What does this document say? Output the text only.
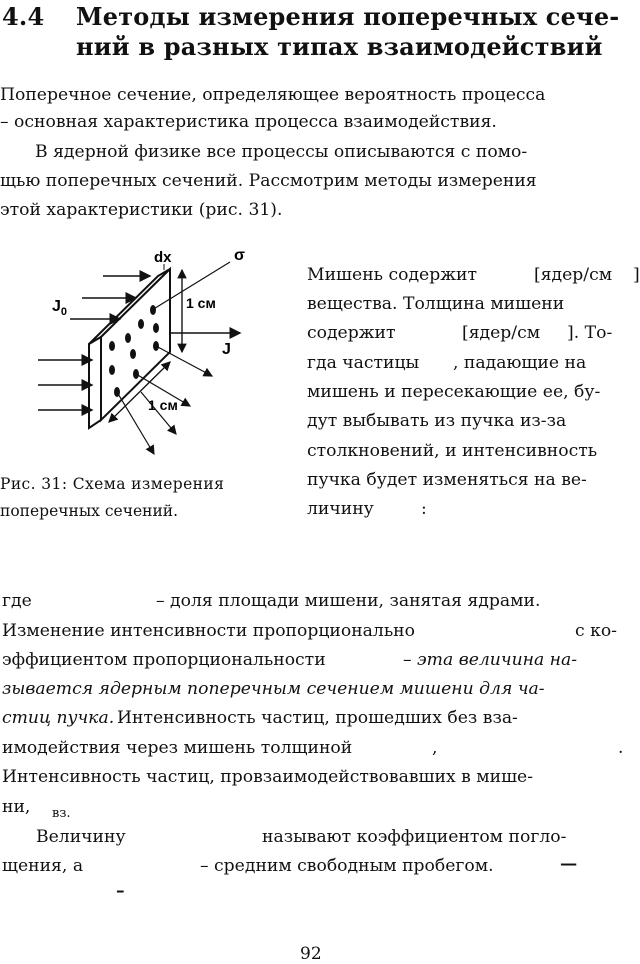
4.4 Методы измерения поперечных сече-
ний в разных типах взаимодействий
Поперечное сечение, определяющее вероятность процесса
– основная характеристика процесса взаимодействия.
В ядерной физике все процессы описываются с помо-
щью поперечных сечений. Рассмотрим методы измерения
этой характеристики (рис. 31).
dx	σ
$J_0$
1 см
J
1 см
Рис. 31: Схема измерения
поперечных сечений.
Мишень содержит	[ядер/см ]
вещества. Толщина мишени
содержит	[ядер/см ]. То-
гда частицы , падающие на
мишень и пересекающие ее, бу-
дут выбывать из пучка из-за
столкновений, и интенсивность
пучка будет изменяться на ве-
личину	:
где	– доля площади мишени, занятая ядрами.
Изменение интенсивности пропорционально	с ко-
эффициентом пропорциональности	– эта величина на-
зывается ядерным поперечным сечением мишени для ча-
стиц пучка. Интенсивность частиц, прошедших без вза-
имодействия через мишень толщиной	,	.
Интенсивность частиц, провзаимодействовавших в мише-
ни, вз.
Величину	называют коэффициентом погло-
щения, а	– средним свободным пробегом.	—
–
92
